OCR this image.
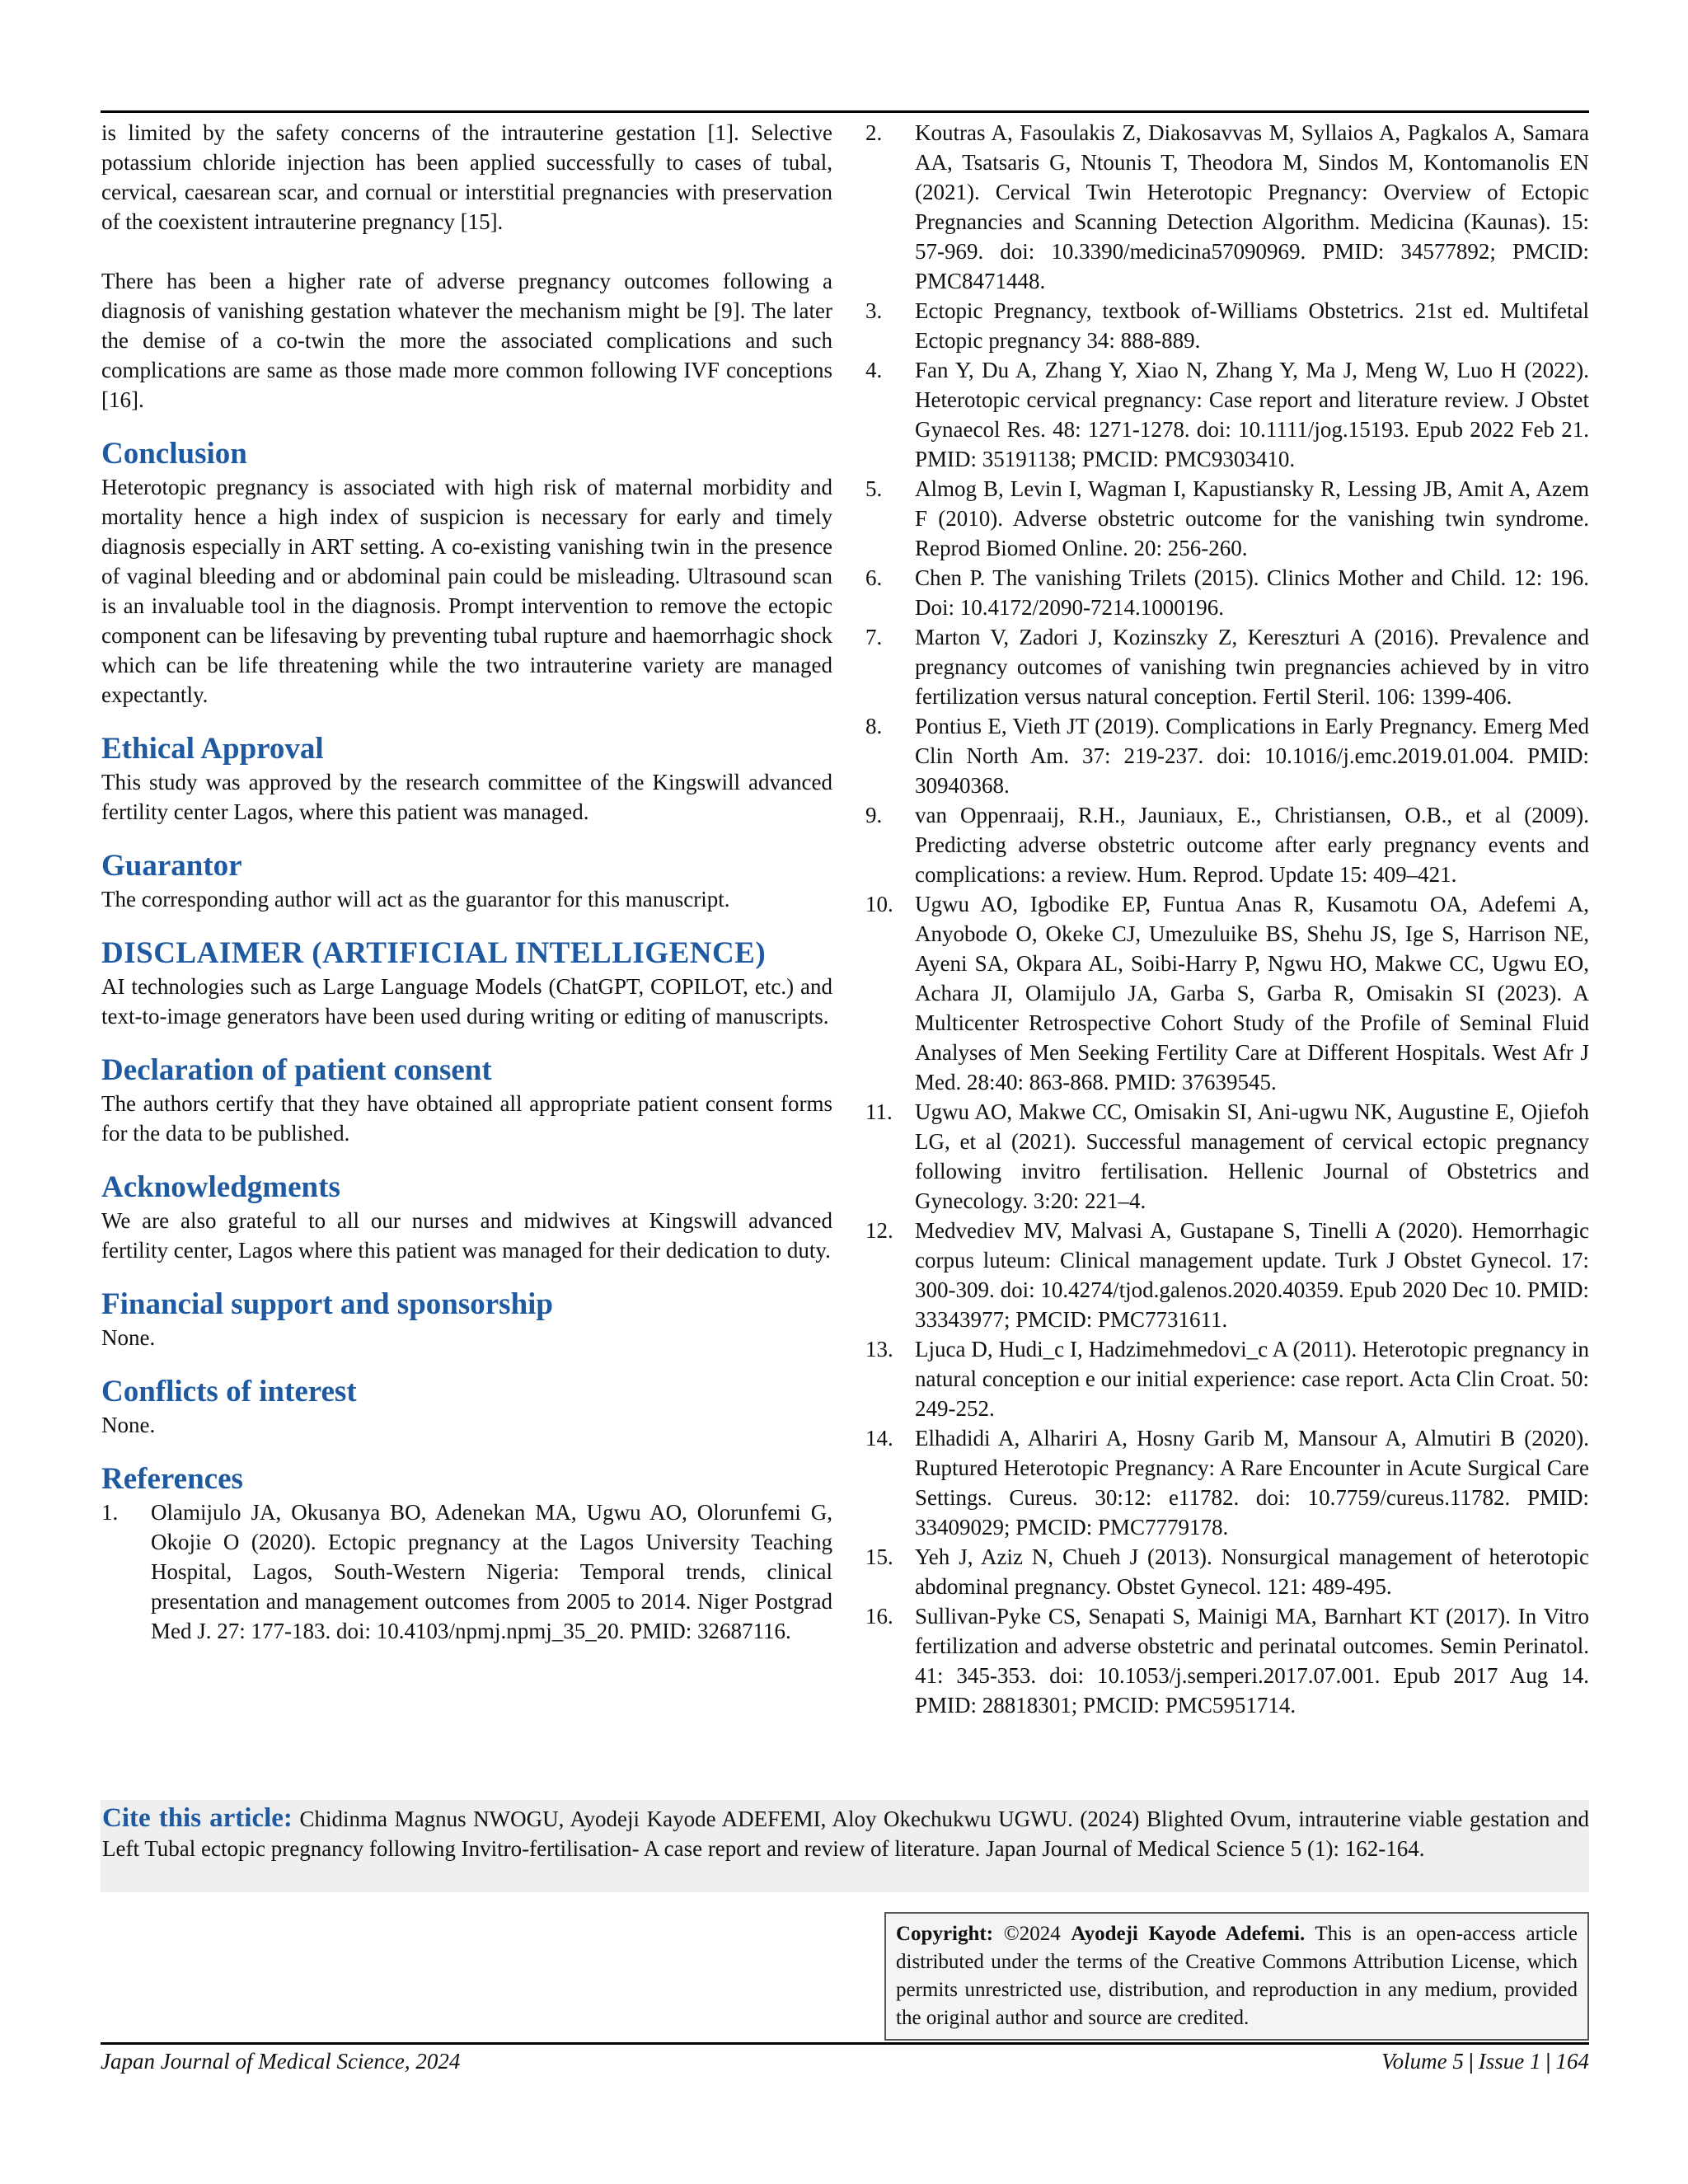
is limited by the safety concerns of the intrauterine gestation [1]. Selective potassium chloride injection has been applied successfully to cases of tubal, cervical, caesarean scar, and cornual or interstitial pregnancies with preservation of the coexistent intrauterine pregnancy [15].

There has been a higher rate of adverse pregnancy outcomes following a diagnosis of vanishing gestation whatever the mechanism might be [9]. The later the demise of a co-twin the more the associated complications and such complications are same as those made more common following IVF conceptions [16].

Conclusion

Heterotopic pregnancy is associated with high risk of maternal morbidity and mortality hence a high index of suspicion is necessary for early and timely diagnosis especially in ART setting. A co-existing vanishing twin in the presence of vaginal bleeding and or abdominal pain could be misleading. Ultrasound scan is an invaluable tool in the diagnosis. Prompt intervention to remove the ectopic component can be lifesaving by preventing tubal rupture and haemorrhagic shock which can be life threatening while the two intrauterine variety are managed expectantly.

Ethical Approval

This study was approved by the research committee of the Kingswill advanced fertility center Lagos, where this patient was managed.

Guarantor

The corresponding author will act as the guarantor for this manuscript.

DISCLAIMER (ARTIFICIAL INTELLIGENCE)

AI technologies such as Large Language Models (ChatGPT, COPILOT, etc.) and text-to-image generators have been used during writing or editing of manuscripts.

Declaration of patient consent

The authors certify that they have obtained all appropriate patient consent forms for the data to be published.

Acknowledgments

We are also grateful to all our nurses and midwives at Kingswill advanced fertility center, Lagos where this patient was managed for their dedication to duty.

Financial support and sponsorship

None.

Conflicts of interest

None.

References
1. Olamijulo JA, Okusanya BO, Adenekan MA, Ugwu AO, Olorunfemi G, Okojie O (2020). Ectopic pregnancy at the Lagos University Teaching Hospital, Lagos, South-Western Nigeria: Temporal trends, clinical presentation and management outcomes from 2005 to 2014. Niger Postgrad Med J. 27: 177-183. doi: 10.4103/npmj.npmj_35_20. PMID: 32687116.
2. Koutras A, Fasoulakis Z, Diakosavvas M, Syllaios A, Pagkalos A, Samara AA, Tsatsaris G, Ntounis T, Theodora M, Sindos M, Kontomanolis EN (2021). Cervical Twin Heterotopic Pregnancy: Overview of Ectopic Pregnancies and Scanning Detection Algorithm. Medicina (Kaunas). 15: 57-969. doi: 10.3390/medicina57090969. PMID: 34577892; PMCID: PMC8471448.
3. Ectopic Pregnancy, textbook of-Williams Obstetrics. 21st ed. Multifetal Ectopic pregnancy 34: 888-889.
4. Fan Y, Du A, Zhang Y, Xiao N, Zhang Y, Ma J, Meng W, Luo H (2022). Heterotopic cervical pregnancy: Case report and literature review. J Obstet Gynaecol Res. 48: 1271-1278. doi: 10.1111/jog.15193. Epub 2022 Feb 21. PMID: 35191138; PMCID: PMC9303410.
5. Almog B, Levin I, Wagman I, Kapustiansky R, Lessing JB, Amit A, Azem F (2010). Adverse obstetric outcome for the vanishing twin syndrome. Reprod Biomed Online. 20: 256-260.
6. Chen P. The vanishing Trilets (2015). Clinics Mother and Child. 12: 196. Doi: 10.4172/2090-7214.1000196.
7. Marton V, Zadori J, Kozinszky Z, Kereszturi A (2016). Prevalence and pregnancy outcomes of vanishing twin pregnancies achieved by in vitro fertilization versus natural conception. Fertil Steril. 106: 1399-406.
8. Pontius E, Vieth JT (2019). Complications in Early Pregnancy. Emerg Med Clin North Am. 37: 219-237. doi: 10.1016/j.emc.2019.01.004. PMID: 30940368.
9. van Oppenraaij, R.H., Jauniaux, E., Christiansen, O.B., et al (2009). Predicting adverse obstetric outcome after early pregnancy events and complications: a review. Hum. Reprod. Update 15: 409–421.
10. Ugwu AO, Igbodike EP, Funtua Anas R, Kusamotu OA, Adefemi A, Anyobode O, Okeke CJ, Umezuluike BS, Shehu JS, Ige S, Harrison NE, Ayeni SA, Okpara AL, Soibi-Harry P, Ngwu HO, Makwe CC, Ugwu EO, Achara JI, Olamijulo JA, Garba S, Garba R, Omisakin SI (2023). A Multicenter Retrospective Cohort Study of the Profile of Seminal Fluid Analyses of Men Seeking Fertility Care at Different Hospitals. West Afr J Med. 28:40: 863-868. PMID: 37639545.
11. Ugwu AO, Makwe CC, Omisakin SI, Ani-ugwu NK, Augustine E, Ojiefoh LG, et al (2021). Successful management of cervical ectopic pregnancy following invitro fertilisation. Hellenic Journal of Obstetrics and Gynecology. 3:20: 221–4.
12. Medvediev MV, Malvasi A, Gustapane S, Tinelli A (2020). Hemorrhagic corpus luteum: Clinical management update. Turk J Obstet Gynecol. 17: 300-309. doi: 10.4274/tjod.galenos.2020.40359. Epub 2020 Dec 10. PMID: 33343977; PMCID: PMC7731611.
13. Ljuca D, Hudi_c I, Hadzimehmedovi_c A (2011). Heterotopic pregnancy in natural conception e our initial experience: case report. Acta Clin Croat. 50: 249-252.
14. Elhadidi A, Alhariri A, Hosny Garib M, Mansour A, Almutiri B (2020). Ruptured Heterotopic Pregnancy: A Rare Encounter in Acute Surgical Care Settings. Cureus. 30:12: e11782. doi: 10.7759/cureus.11782. PMID: 33409029; PMCID: PMC7779178.
15. Yeh J, Aziz N, Chueh J (2013). Nonsurgical management of heterotopic abdominal pregnancy. Obstet Gynecol. 121: 489-495.
16. Sullivan-Pyke CS, Senapati S, Mainigi MA, Barnhart KT (2017). In Vitro fertilization and adverse obstetric and perinatal outcomes. Semin Perinatol. 41: 345-353. doi: 10.1053/j.semperi.2017.07.001. Epub 2017 Aug 14. PMID: 28818301; PMCID: PMC5951714.
Cite this article: Chidinma Magnus NWOGU, Ayodeji Kayode ADEFEMI, Aloy Okechukwu UGWU. (2024) Blighted Ovum, intrauterine viable gestation and Left Tubal ectopic pregnancy following Invitro-fertilisation- A case report and review of literature. Japan Journal of Medical Science 5 (1): 162-164.
Copyright: ©2024 Ayodeji Kayode Adefemi. This is an open-access article distributed under the terms of the Creative Commons Attribution License, which permits unrestricted use, distribution, and reproduction in any medium, provided the original author and source are credited.
Japan Journal of Medical Science, 2024	Volume 5 | Issue 1 | 164
